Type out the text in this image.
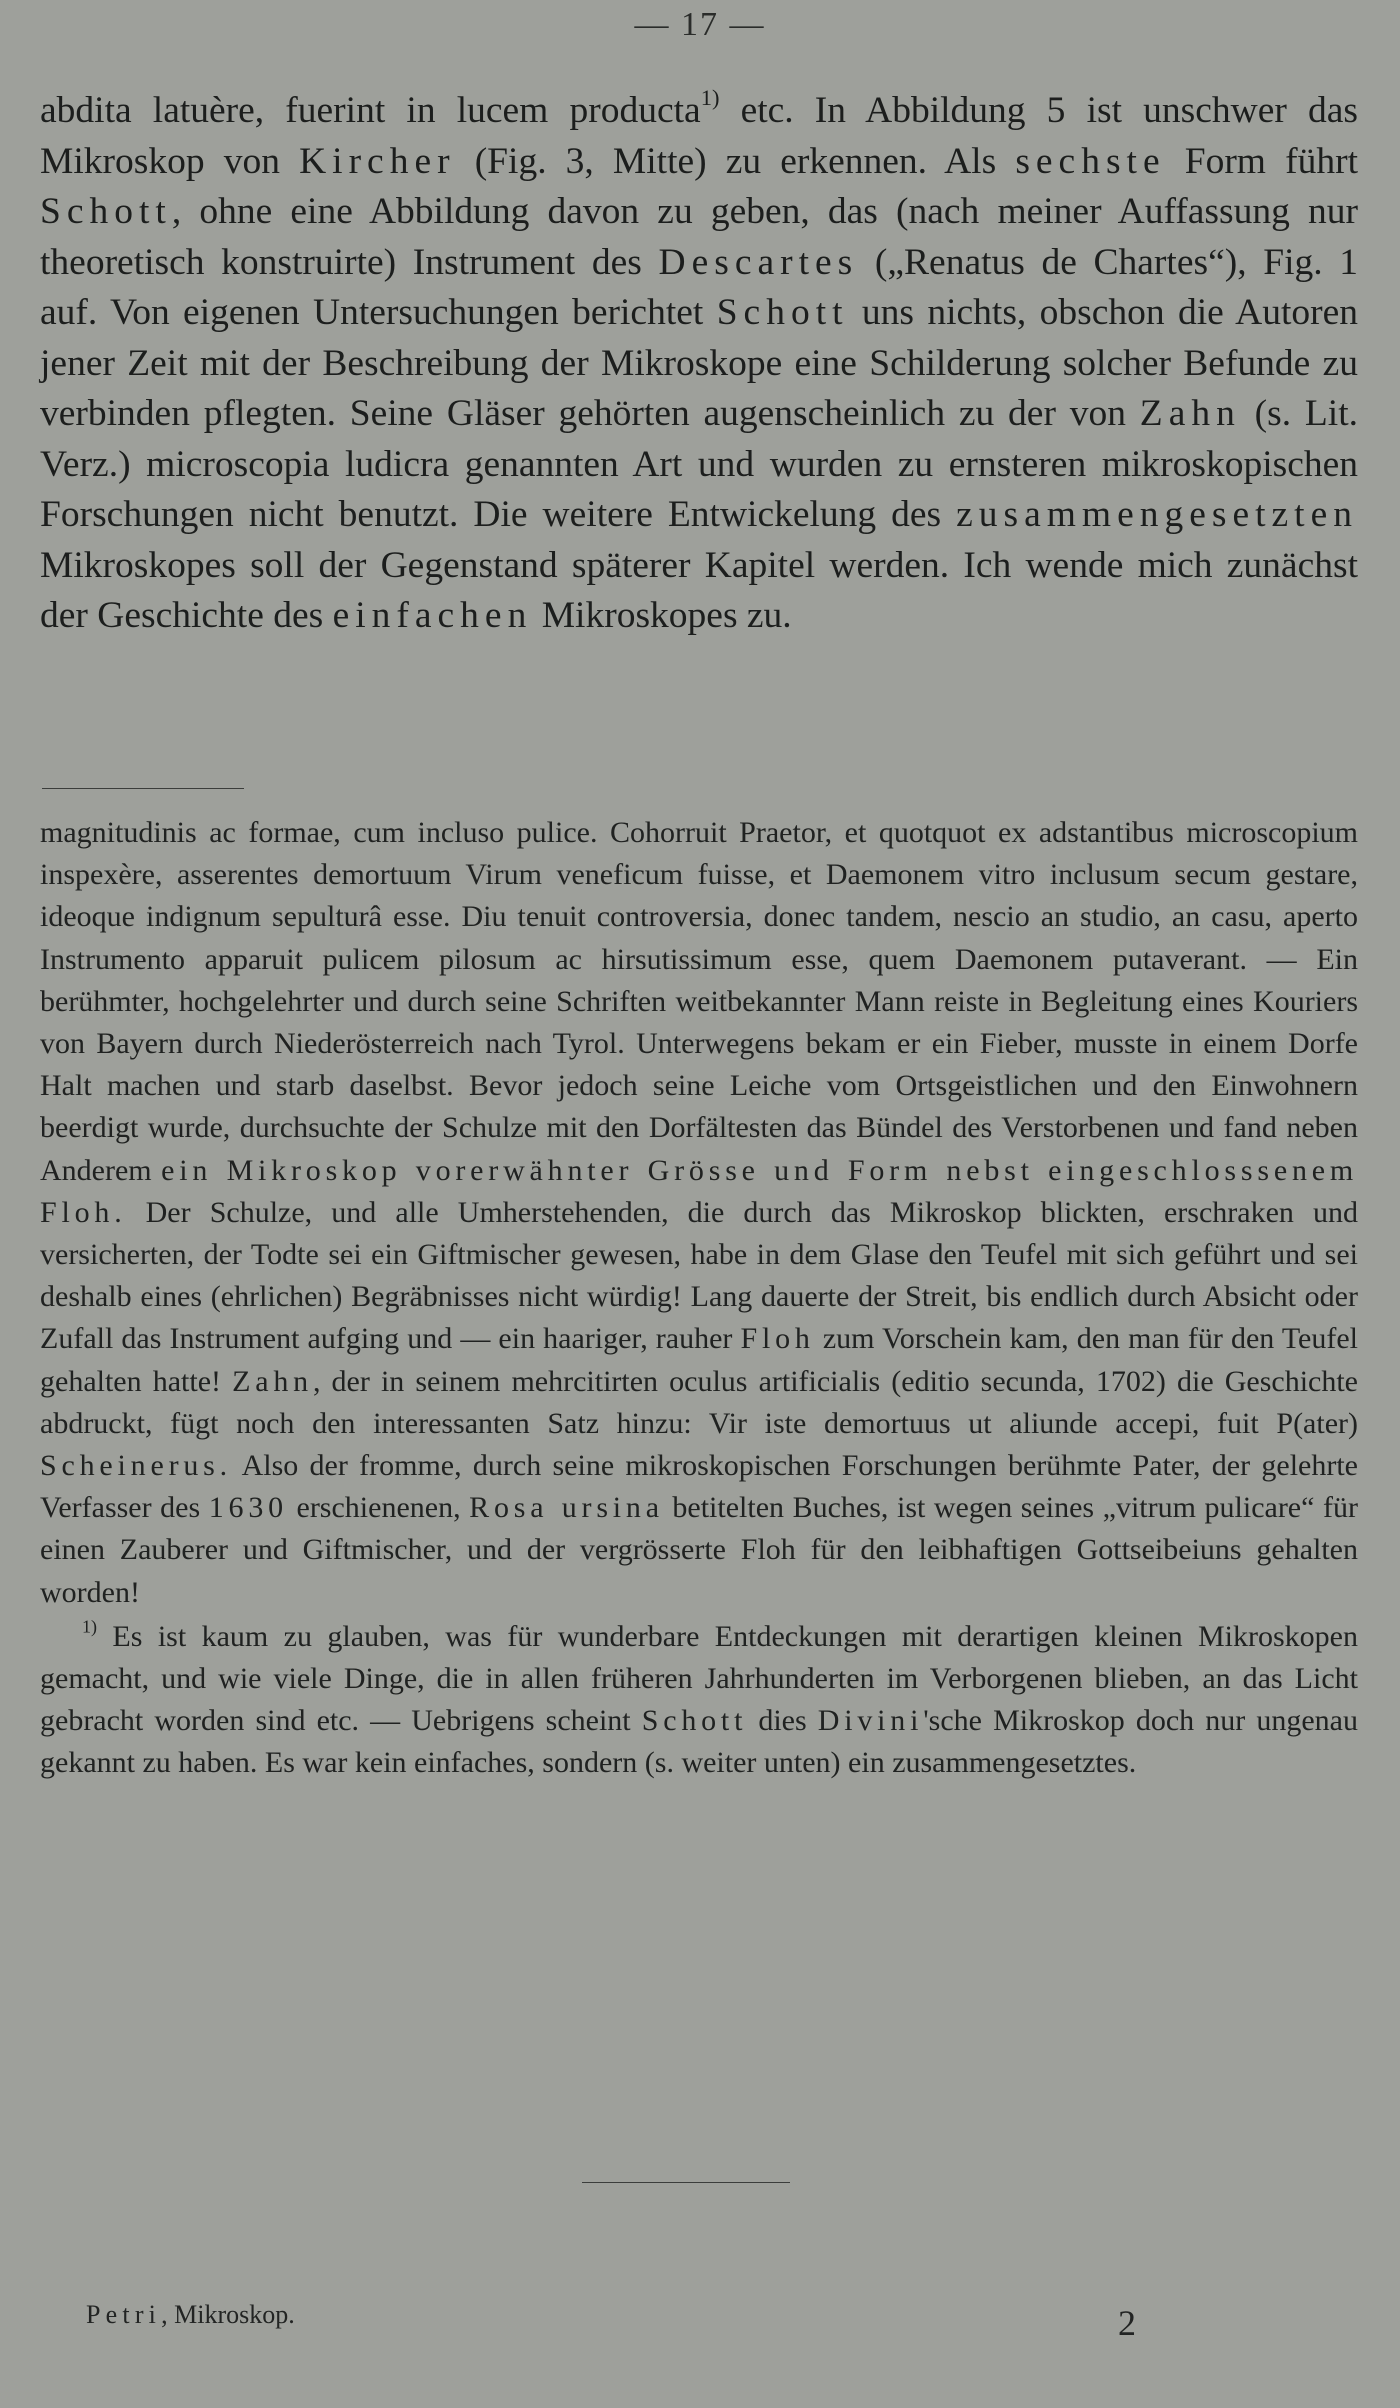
— 17 —

abdita latuère, fuerint in lucem producta$^{1)}$ etc. In Abbildung 5 ist unschwer das Mikroskop von Kircher (Fig. 3, Mitte) zu erkennen. Als sechste Form führt Schott, ohne eine Abbildung davon zu geben, das (nach meiner Auffassung nur theoretisch konstruirte) Instrument des Descartes („Renatus de Chartes“), Fig. 1 auf. Von eigenen Untersuchungen berichtet Schott uns nichts, obschon die Autoren jener Zeit mit der Beschreibung der Mikroskope eine Schilderung solcher Befunde zu verbinden pflegten. Seine Gläser gehörten augenscheinlich zu der von Zahn (s. Lit. Verz.) microscopia ludicra genannten Art und wurden zu ernsteren mikroskopischen Forschungen nicht benutzt. Die weitere Entwickelung des zusammengesetzten Mikroskopes soll der Gegenstand späterer Kapitel werden. Ich wende mich zunächst der Geschichte des einfachen Mikroskopes zu.

magnitudinis ac formae, cum incluso pulice. Cohorruit Praetor, et quotquot ex adstantibus microscopium inspexère, asserentes demortuum Virum veneficum fuisse, et Daemonem vitro inclusum secum gestare, ideoque indignum sepulturâ esse. Diu tenuit controversia, donec tandem, nescio an studio, an casu, aperto Instrumento apparuit pulicem pilosum ac hirsutissimum esse, quem Daemonem putaverant. — Ein berühmter, hochgelehrter und durch seine Schriften weitbekannter Mann reiste in Begleitung eines Kouriers von Bayern durch Niederösterreich nach Tyrol. Unterwegens bekam er ein Fieber, musste in einem Dorfe Halt machen und starb daselbst. Bevor jedoch seine Leiche vom Ortsgeistlichen und den Einwohnern beerdigt wurde, durchsuchte der Schulze mit den Dorfältesten das Bündel des Verstorbenen und fand neben Anderem ein Mikroskop vorerwähnter Grösse und Form nebst eingeschlosssenem Floh. Der Schulze, und alle Umherstehenden, die durch das Mikroskop blickten, erschraken und versicherten, der Todte sei ein Giftmischer gewesen, habe in dem Glase den Teufel mit sich geführt und sei deshalb eines (ehrlichen) Begräbnisses nicht würdig! Lang dauerte der Streit, bis endlich durch Absicht oder Zufall das Instrument aufging und — ein haariger, rauher Floh zum Vorschein kam, den man für den Teufel gehalten hatte! Zahn, der in seinem mehrcitirten oculus artificialis (editio secunda, 1702) die Geschichte abdruckt, fügt noch den interessanten Satz hinzu: Vir iste demortuus ut aliunde accepi, fuit P(ater) Scheinerus. Also der fromme, durch seine mikroskopischen Forschungen berühmte Pater, der gelehrte Verfasser des 1630 erschienenen, Rosa ursina betitelten Buches, ist wegen seines „vitrum pulicare“ für einen Zauberer und Giftmischer, und der vergrösserte Floh für den leibhaftigen Gottseibeiuns gehalten worden!

$^{1)}$ Es ist kaum zu glauben, was für wunderbare Entdeckungen mit derartigen kleinen Mikroskopen gemacht, und wie viele Dinge, die in allen früheren Jahrhunderten im Verborgenen blieben, an das Licht gebracht worden sind etc. — Uebrigens scheint Schott dies Divini'sche Mikroskop doch nur ungenau gekannt zu haben. Es war kein einfaches, sondern (s. weiter unten) ein zusammengesetztes.

Petri, Mikroskop.	2
